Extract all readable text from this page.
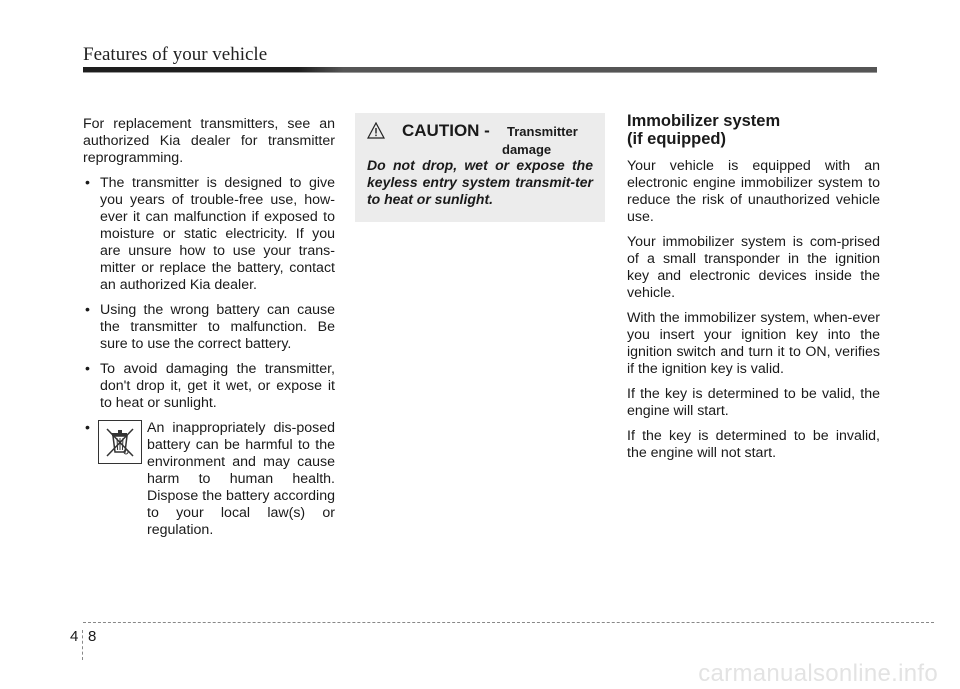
Features of your vehicle

For replacement transmitters, see an authorized Kia dealer for transmitter reprogramming.

• The transmitter is designed to give you years of trouble-free use, how-ever it can malfunction if exposed to moisture or static electricity. If you are unsure how to use your trans-mitter or replace the battery, contact an authorized Kia dealer.
• Using the wrong battery can cause the transmitter to malfunction. Be sure to use the correct battery.
• To avoid damaging the transmitter, don't drop it, get it wet, or expose it to heat or sunlight.
•	An inappropriately dis-posed battery can be harmful to the environment and may cause harm to human health. Dispose the battery according to your local law(s) or regulation.
CAUTION - Transmitter
damage
Do not drop, wet or expose the keyless entry system transmit-ter to heat or sunlight.
Immobilizer system
(if equipped)

Your vehicle is equipped with an electronic engine immobilizer system to reduce the risk of unauthorized vehicle use.

Your immobilizer system is com-prised of a small transponder in the ignition key and electronic devices inside the vehicle.

With the immobilizer system, when-ever you insert your ignition key into the ignition switch and turn it to ON, verifies if the ignition key is valid.

If the key is determined to be valid, the engine will start.

If the key is determined to be invalid, the engine will not start.

4 8
carmanualsonline.info
